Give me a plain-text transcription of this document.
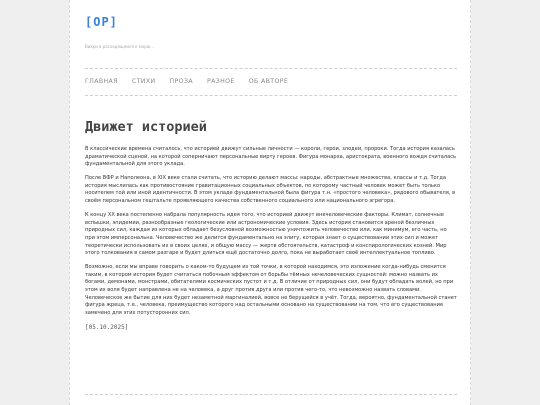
[ΟΡ]
Вихри в расходящемся к морю...
ГЛАВНАЯ СТИХИ ПРОЗА РАЗНОЕ ОБ АВТОРЕ
Движет историей

В классические времена считалось, что историей движут сильные личности — короли, герои, злодеи, пророки. Тогда история казалась драматической сценой, на которой соперничают персональные вирту героев. Фигура монарха, аристократа, военного вождя считалась фундаментальной для этого уклада.

После ВФР и Наполеона, в XIX веке стали считать, что историю делают массы: народы, абстрактные множества, классы и т.д. Тогда история мыслилась как противостояние гравитационных социальных объектов, по которому частный человек может быть только носителем той или иной идентичности. В этом укладе фундаментальной была фигура т.н. «простого человека», рядового обывателя, в своём персональном гештальте проявляющего качества собственного социального или национального эгрегора.

К концу XX века постепенно набрала популярность идея того, что историей движут внечеловеческие факторы. Климат, солнечные вспышки, эпидемии, разнообразные геологические или астрономические условия. Здесь история становится ареной безличных природных сил, каждая из которых обладает безусловной возможностью уничтожить человечество или, как минимум, его часть, но при этом имперсональна. Человечество же делится фундаментально на элиту, которая знает о существовании этих сил и может теоретически использовать их в своих целях, и общую массу — жертв обстоятельств, катастроф и конспирологических козней. Мир этого толкования в самом разгаре и будет длиться ещё достаточно долго, пока не выработает своё интеллектуальное топливо.

Возможно, если мы вправе говорить о каком-то будущем из той точки, в которой находимся, это изложение когда-нибудь сменится таким, в котором история будет считаться побочным эффектом от борьбы тёмных нечеловеческих сущностей: можно назвать их богами, демонами, монстрами, обитателями космических пустот и т.д. В отличие от природных сил, они будут обладать волей, но при этом их воля будет направлена не на человека, а друг против друга или против чего-то, что невозможно назвать словами. Человеческое же бытие для них будет незаметной маргиналией, вовсе не берущейся в учёт. Тогда, вероятно, фундаментальной станет фигура жреца, т.е., человека, преимущество которого над остальными основано на существовании на том, что его существование замечено для этих потусторонних сил.

[05.10.2025]
